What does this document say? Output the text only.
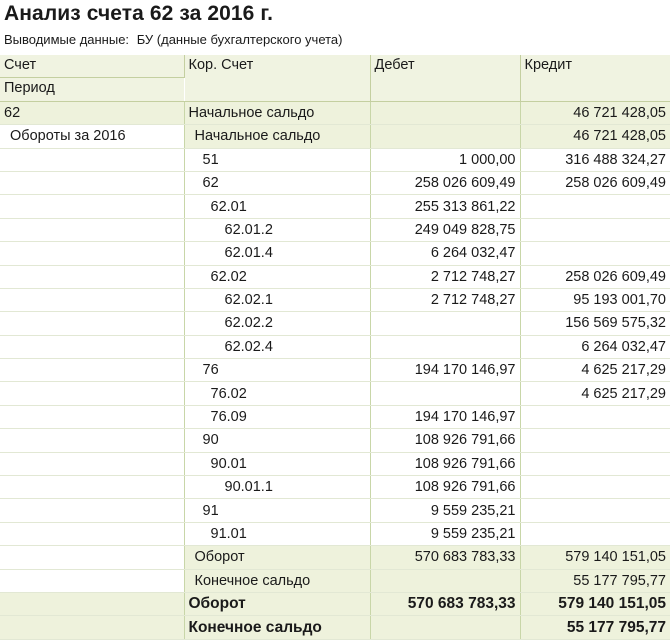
Анализ счета 62 за 2016 г.
Выводимые данные: БУ (данные бухгалтерского учета)
Счет	Кор. Счет	Дебет	Кредит
Период			
62	Начальное сальдо		46 721 428,05
Обороты за 2016	Начальное сальдо		46 721 428,05
	51	1 000,00	316 488 324,27
	62	258 026 609,49	258 026 609,49
	62.01	255 313 861,22	
	62.01.2	249 049 828,75	
	62.01.4	6 264 032,47	
	62.02	2 712 748,27	258 026 609,49
	62.02.1	2 712 748,27	95 193 001,70
	62.02.2		156 569 575,32
	62.02.4		6 264 032,47
	76	194 170 146,97	4 625 217,29
	76.02		4 625 217,29
	76.09	194 170 146,97	
	90	108 926 791,66	
	90.01	108 926 791,66	
	90.01.1	108 926 791,66	
	91	9 559 235,21	
	91.01	9 559 235,21	
	Оборот	570 683 783,33	579 140 151,05
	Конечное сальдо		55 177 795,77
	Оборот	570 683 783,33	579 140 151,05
	Конечное сальдо		55 177 795,77
